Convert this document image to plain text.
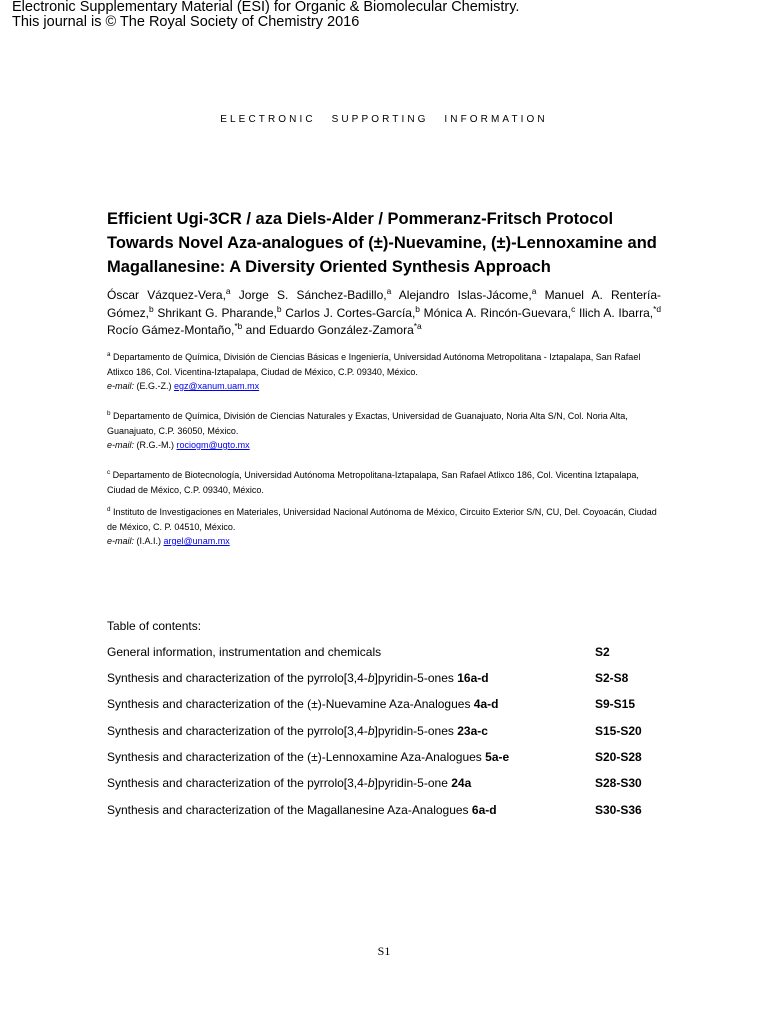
Electronic Supplementary Material (ESI) for Organic & Biomolecular Chemistry.
This journal is © The Royal Society of Chemistry 2016
ELECTRONIC SUPPORTING INFORMATION
Efficient Ugi-3CR / aza Diels-Alder / Pommeranz-Fritsch Protocol Towards Novel Aza-analogues of (±)-Nuevamine, (±)-Lennoxamine and Magallanesine: A Diversity Oriented Synthesis Approach
Óscar Vázquez-Vera,$^a$ Jorge S. Sánchez-Badillo,$^a$ Alejandro Islas-Jácome,$^a$ Manuel A. Rentería-Gómez,$^b$ Shrikant G. Pharande,$^b$ Carlos J. Cortes-García,$^b$ Mónica A. Rincón-Guevara,$^c$ Ilich A. Ibarra,$^{*d}$ Rocío Gámez-Montaño,$^{*b}$ and Eduardo González-Zamora$^{*a}$
$^a$ Departamento de Química, División de Ciencias Básicas e Ingeniería, Universidad Autónoma Metropolitana - Iztapalapa, San Rafael Atlixco 186, Col. Vicentina-Iztapalapa, Ciudad de México, C.P. 09340, México.
e-mail: (E.G.-Z.) egz@xanum.uam.mx
$^b$ Departamento de Química, División de Ciencias Naturales y Exactas, Universidad de Guanajuato, Noria Alta S/N, Col. Noria Alta, Guanajuato, C.P. 36050, México.
e-mail: (R.G.-M.) rociogm@ugto.mx
$^c$ Departamento de Biotecnología, Universidad Autónoma Metropolitana-Iztapalapa, San Rafael Atlixco 186, Col. Vicentina Iztapalapa, Ciudad de México, C.P. 09340, México.
$^d$ Instituto de Investigaciones en Materiales, Universidad Nacional Autónoma de México, Circuito Exterior S/N, CU, Del. Coyoacán, Ciudad de México, C. P. 04510, México.
e-mail: (I.A.I.) argel@unam.mx
Table of contents:
General information, instrumentation and chemicals	S2
Synthesis and characterization of the pyrrolo[3,4-b]pyridin-5-ones 16a-d	S2-S8
Synthesis and characterization of the (±)-Nuevamine Aza-Analogues 4a-d	S9-S15
Synthesis and characterization of the pyrrolo[3,4-b]pyridin-5-ones 23a-c	S15-S20
Synthesis and characterization of the (±)-Lennoxamine Aza-Analogues 5a-e	S20-S28
Synthesis and characterization of the pyrrolo[3,4-b]pyridin-5-one 24a	S28-S30
Synthesis and characterization of the Magallanesine Aza-Analogues 6a-d	S30-S36
S1
